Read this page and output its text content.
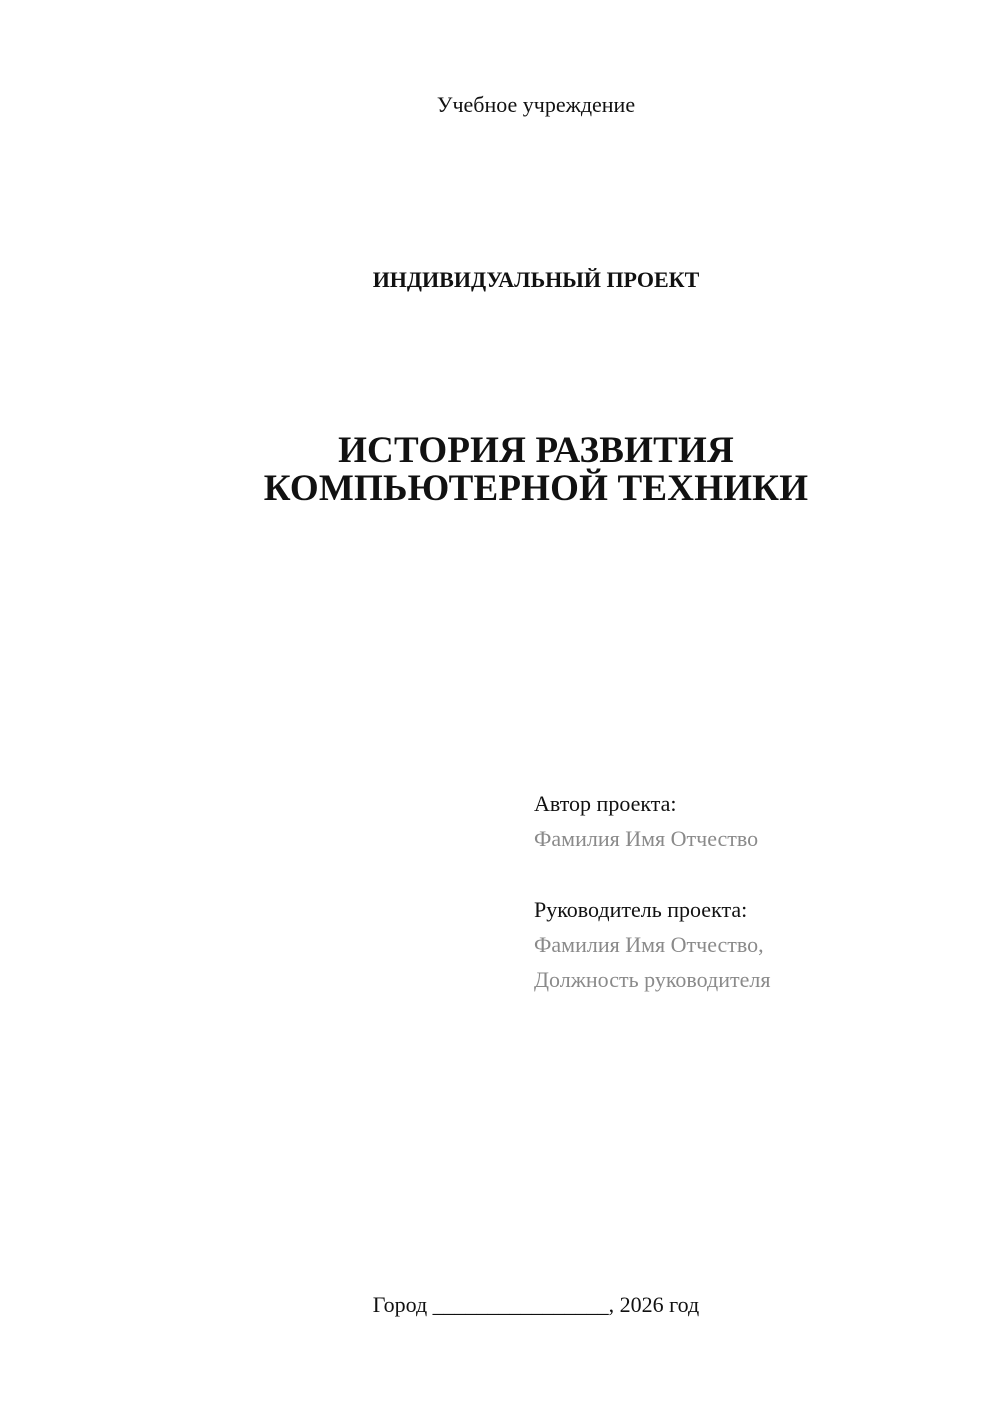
Учебное учреждение
ИНДИВИДУАЛЬНЫЙ ПРОЕКТ
ИСТОРИЯ РАЗВИТИЯ
КОМПЬЮТЕРНОЙ ТЕХНИКИ
Автор проекта:
Фамилия Имя Отчество
Руководитель проекта:
Фамилия Имя Отчество,
Должность руководителя
Город ________________, 2026 год
